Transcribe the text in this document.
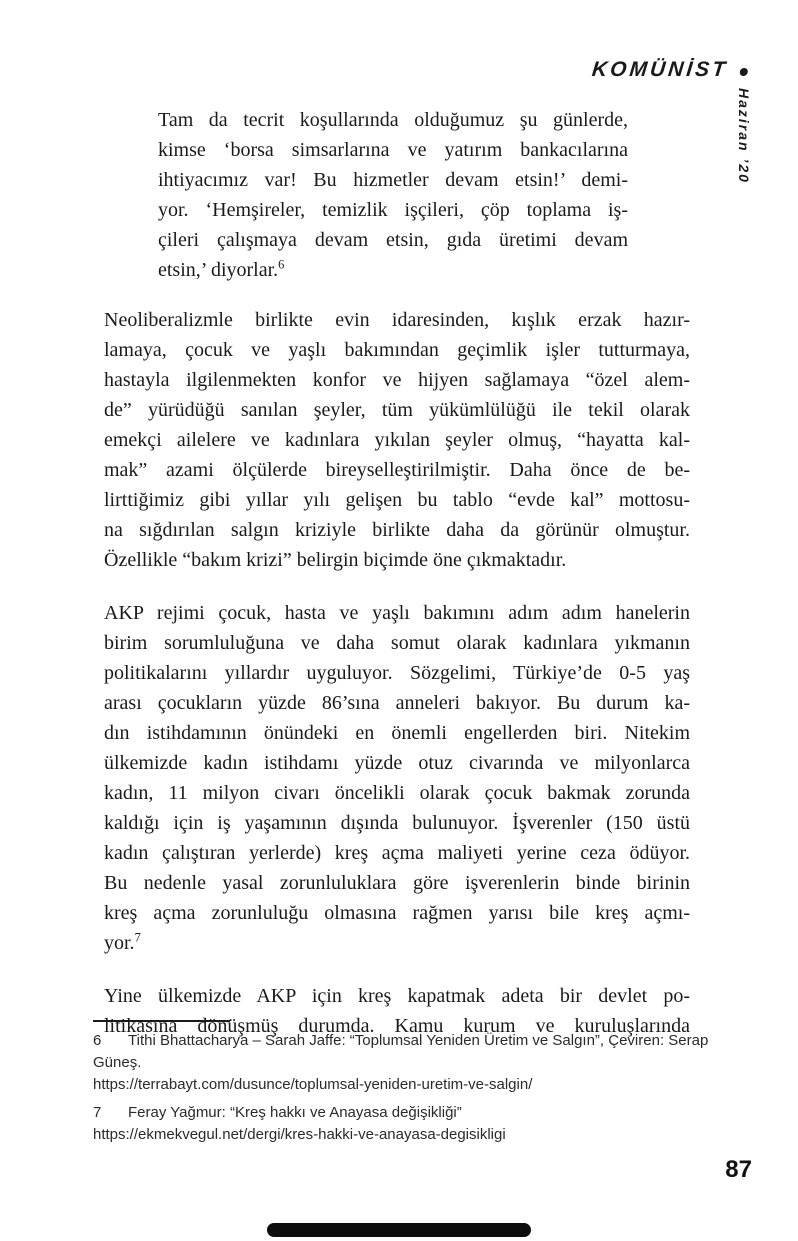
KOMÜNİST
Haziran ’20
Tam da tecrit koşullarında olduğumuz şu günlerde,
kimse ‘borsa simsarlarına ve yatırım bankacılarına
ihtiyacımız var! Bu hizmetler devam etsin!’ demi-
yor. ‘Hemşireler, temizlik işçileri, çöp toplama iş-
çileri çalışmaya devam etsin, gıda üretimi devam
etsin,’ diyorlar.$^6$
Neoliberalizmle birlikte evin idaresinden, kışlık erzak hazır-
lamaya, çocuk ve yaşlı bakımından geçimlik işler tutturmaya,
hastayla ilgilenmekten konfor ve hijyen sağlamaya “özel alem-
de” yürüdüğü sanılan şeyler, tüm yükümlülüğü ile tekil olarak
emekçi ailelere ve kadınlara yıkılan şeyler olmuş, “hayatta kal-
mak” azami ölçülerde bireyselleştirilmiştir. Daha önce de be-
lirttiğimiz gibi yıllar yılı gelişen bu tablo “evde kal” mottosu-
na sığdırılan salgın kriziyle birlikte daha da görünür olmuştur.
Özellikle “bakım krizi” belirgin biçimde öne çıkmaktadır.
AKP rejimi çocuk, hasta ve yaşlı bakımını adım adım hanelerin
birim sorumluluğuna ve daha somut olarak kadınlara yıkmanın
politikalarını yıllardır uyguluyor. Sözgelimi, Türkiye’de 0-5 yaş
arası çocukların yüzde 86’sına anneleri bakıyor. Bu durum ka-
dın istihdamının önündeki en önemli engellerden biri. Nitekim
ülkemizde kadın istihdamı yüzde otuz civarında ve milyonlarca
kadın, 11 milyon civarı öncelikli olarak çocuk bakmak zorunda
kaldığı için iş yaşamının dışında bulunuyor. İşverenler (150 üstü
kadın çalıştıran yerlerde) kreş açma maliyeti yerine ceza ödüyor.
Bu nedenle yasal zorunluluklara göre işverenlerin binde birinin
kreş açma zorunluluğu olmasına rağmen yarısı bile kreş açmı-
yor.$^7$
Yine ülkemizde AKP için kreş kapatmak adeta bir devlet po-
litikasına dönüşmüş durumda. Kamu kurum ve kuruluşlarında
6 Tithi Bhattacharya – Sarah Jaffe: “Toplumsal Yeniden Üretim ve Salgın”, Çeviren: Serap
Güneş.
https://terrabayt.com/dusunce/toplumsal-yeniden-uretim-ve-salgin/
7 Feray Yağmur: “Kreş hakkı ve Anayasa değişikliği”
https://ekmekvegul.net/dergi/kres-hakki-ve-anayasa-degisikligi
87
